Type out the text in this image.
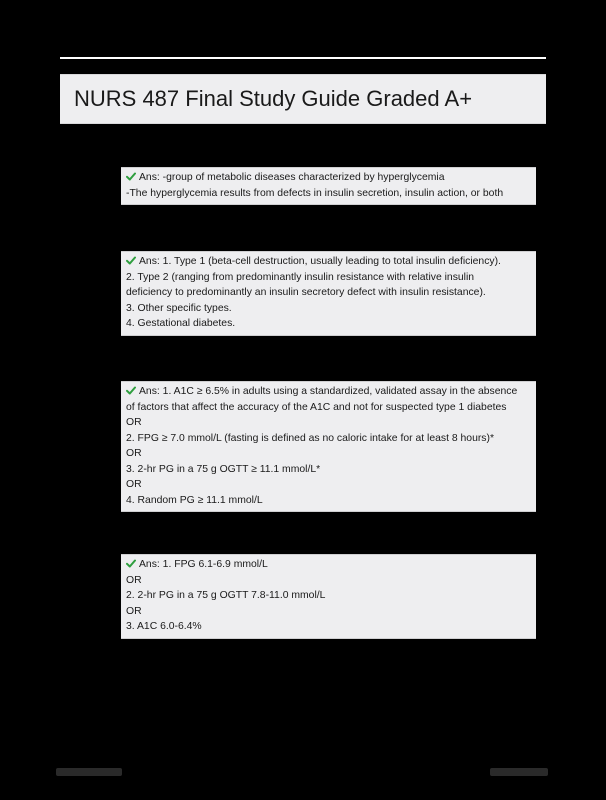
NURS 487 Final Study Guide Graded A+
Ans: -group of metabolic diseases characterized by hyperglycemia
-The hyperglycemia results from defects in insulin secretion, insulin action, or both
Ans: 1. Type 1 (beta-cell destruction, usually leading to total insulin deficiency).
2. Type 2 (ranging from predominantly insulin resistance with relative insulin
deficiency to predominantly an insulin secretory defect with insulin resistance).
3. Other specific types.
4. Gestational diabetes.
Ans: 1. A1C ≥ 6.5% in adults using a standardized, validated assay in the absence
of factors that affect the accuracy of the A1C and not for suspected type 1 diabetes
OR
2. FPG ≥ 7.0 mmol/L (fasting is defined as no caloric intake for at least 8 hours)*
OR
3. 2-hr PG in a 75 g OGTT ≥ 11.1 mmol/L*
OR
4. Random PG ≥ 11.1 mmol/L
Ans: 1. FPG 6.1-6.9 mmol/L
OR
2. 2-hr PG in a 75 g OGTT 7.8-11.0 mmol/L
OR
3. A1C 6.0-6.4%
